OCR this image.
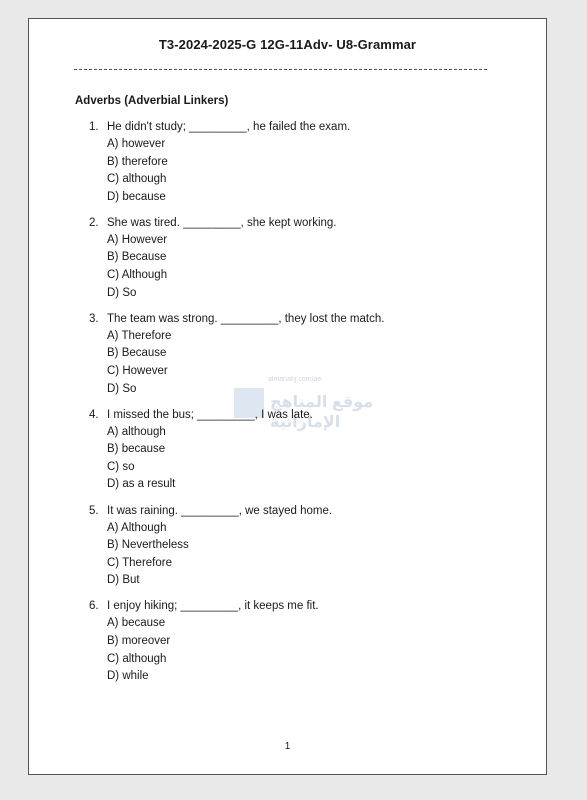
T3-2024-2025-G 12G-11Adv- U8-Grammar
Adverbs (Adverbial Linkers)
almanahj.com/ae
موقع المناهج الإماراتية
1. He didn't study; _________, he failed the exam.
A) however
B) therefore
C) although
D) because
2. She was tired. _________, she kept working.
A) However
B) Because
C) Although
D) So
3. The team was strong. _________, they lost the match.
A) Therefore
B) Because
C) However
D) So
4. I missed the bus; _________, I was late.
A) although
B) because
C) so
D) as a result
5. It was raining. _________, we stayed home.
A) Although
B) Nevertheless
C) Therefore
D) But
6. I enjoy hiking; _________, it keeps me fit.
A) because
B) moreover
C) although
D) while
1
